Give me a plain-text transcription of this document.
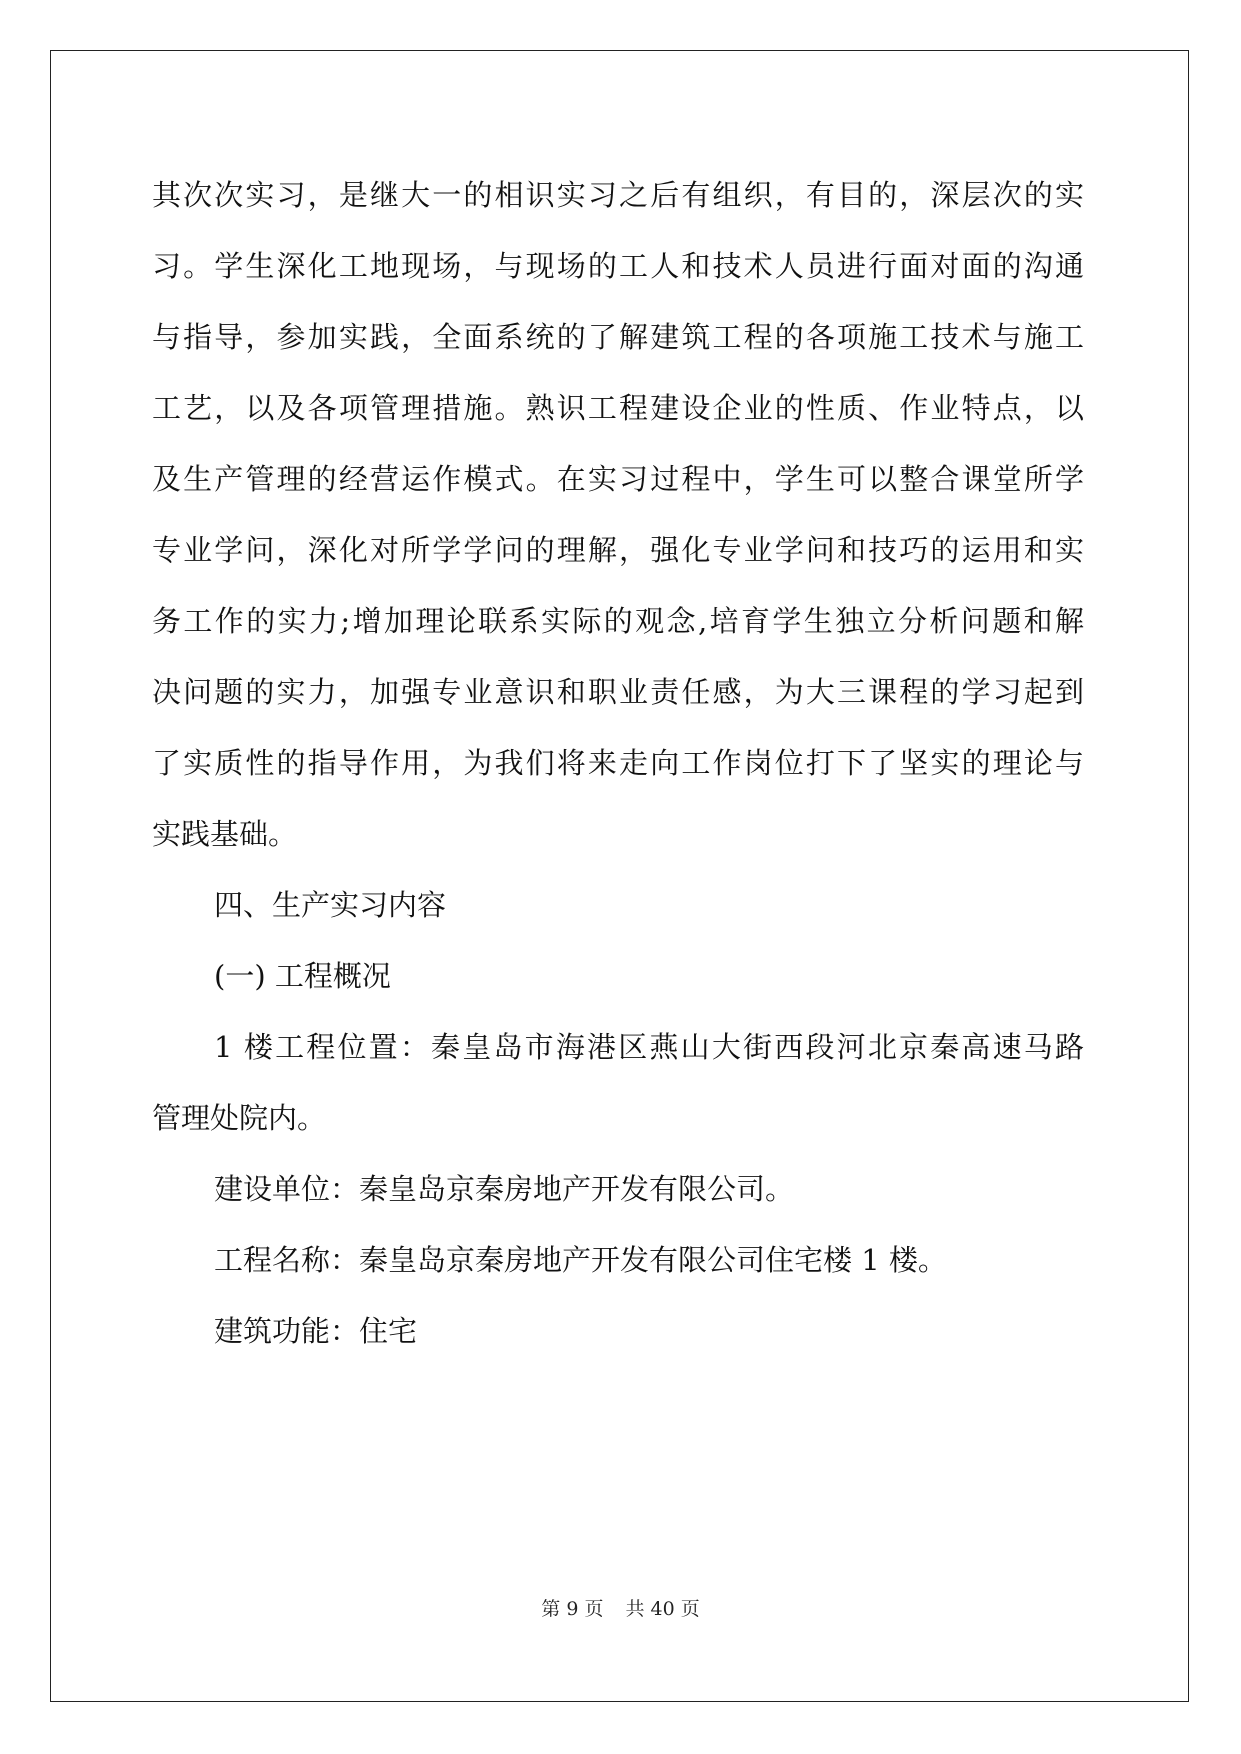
其次次实习，是继大一的相识实习之后有组织，有目的，深层次的实
习。学生深化工地现场，与现场的工人和技术人员进行面对面的沟通
与指导，参加实践，全面系统的了解建筑工程的各项施工技术与施工
工艺，以及各项管理措施。熟识工程建设企业的性质、作业特点，以
及生产管理的经营运作模式。在实习过程中，学生可以整合课堂所学
专业学问，深化对所学学问的理解，强化专业学问和技巧的运用和实
务工作的实力;增加理论联系实际的观念,培育学生独立分析问题和解
决问题的实力，加强专业意识和职业责任感，为大三课程的学习起到
了实质性的指导作用，为我们将来走向工作岗位打下了坚实的理论与
实践基础。

四、生产实习内容

(一) 工程概况

1 楼工程位置：秦皇岛市海港区燕山大街西段河北京秦高速马路
管理处院内。

建设单位：秦皇岛京秦房地产开发有限公司。

工程名称：秦皇岛京秦房地产开发有限公司住宅楼 1 楼。

建筑功能：住宅

第 9 页 共 40 页
